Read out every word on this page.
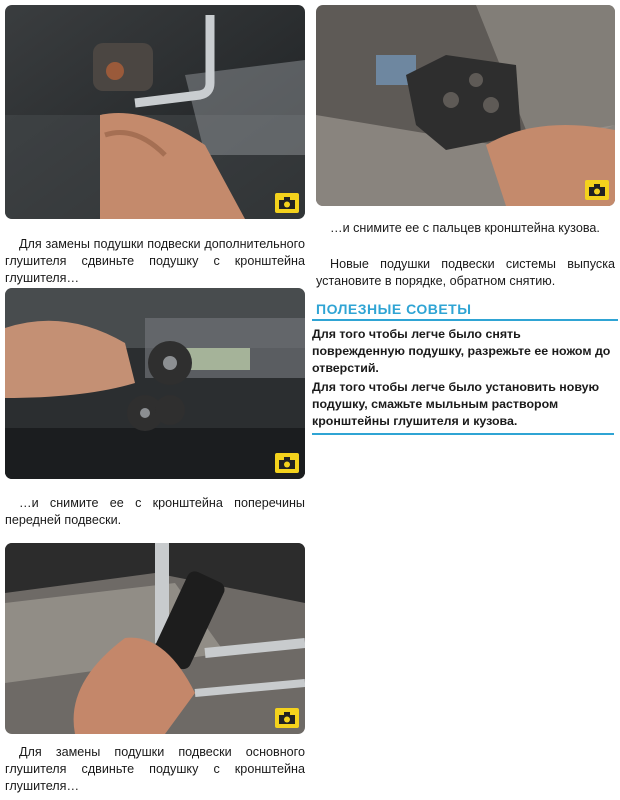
Для замены подушки подвески дополнительного глушителя сдвиньте подушку с кронштейна глушителя…

…и снимите ее с кронштейна поперечины передней подвески.

Для замены подушки подвески основного глушителя сдвиньте подушку с кронштейна глушителя…

…и снимите ее с пальцев кронштейна кузова.

Новые подушки подвески системы выпуска установите в порядке, обратном снятию.

ПОЛЕЗНЫЕ СОВЕТЫ

Для того чтобы легче было снять поврежденную подушку, разрежьте ее ножом до отверстий.

Для того чтобы легче было установить новую подушку, смажьте мыльным раствором кронштейны глушителя и кузова.
